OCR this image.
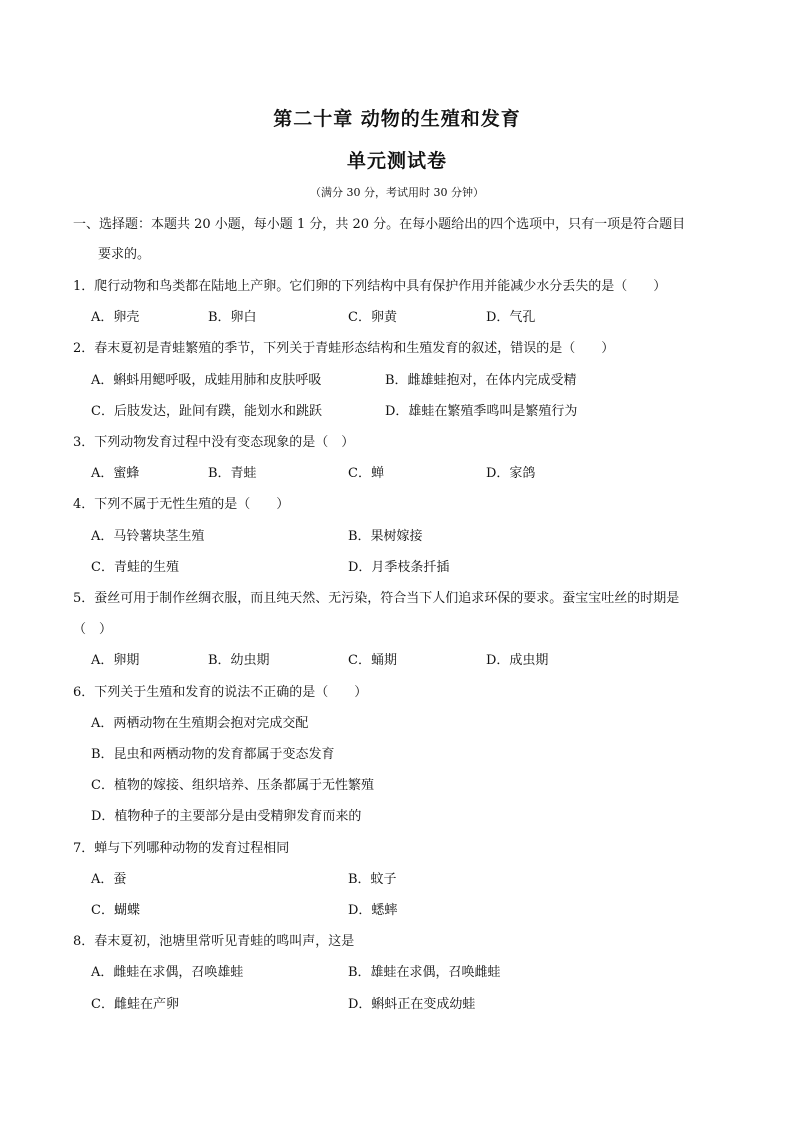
第二十章 动物的生殖和发育
单元测试卷
（满分 30 分，考试用时 30 分钟）
一、选择题：本题共 20 小题，每小题 1 分，共 20 分。在每小题给出的四个选项中，只有一项是符合题目
要求的。
1．爬行动物和鸟类都在陆地上产卵。它们卵的下列结构中具有保护作用并能减少水分丢失的是（　　）
A．卵壳	B．卵白	C．卵黄	D．气孔
2．春末夏初是青蛙繁殖的季节，下列关于青蛙形态结构和生殖发育的叙述，错误的是（　　）
A．蝌蚪用鳃呼吸，成蛙用肺和皮肤呼吸	B．雌雄蛙抱对，在体内完成受精
C．后肢发达，趾间有蹼，能划水和跳跃	D．雄蛙在繁殖季鸣叫是繁殖行为
3．下列动物发育过程中没有变态现象的是（　）
A．蜜蜂	B．青蛙	C．蝉	D．家鸽
4．下列不属于无性生殖的是（　　）
A．马铃薯块茎生殖	B．果树嫁接
C．青蛙的生殖	D．月季枝条扦插
5．蚕丝可用于制作丝绸衣服，而且纯天然、无污染，符合当下人们追求环保的要求。蚕宝宝吐丝的时期是
（　）
A．卵期	B．幼虫期	C．蛹期	D．成虫期
6．下列关于生殖和发育的说法不正确的是（　　）
A．两栖动物在生殖期会抱对完成交配
B．昆虫和两栖动物的发育都属于变态发育
C．植物的嫁接、组织培养、压条都属于无性繁殖
D．植物种子的主要部分是由受精卵发育而来的
7．蝉与下列哪种动物的发育过程相同
A．蚕	B．蚊子
C．蝴蝶	D．蟋蟀
8．春末夏初，池塘里常听见青蛙的鸣叫声，这是
A．雌蛙在求偶，召唤雄蛙	B．雄蛙在求偶，召唤雌蛙
C．雌蛙在产卵	D．蝌蚪正在变成幼蛙
